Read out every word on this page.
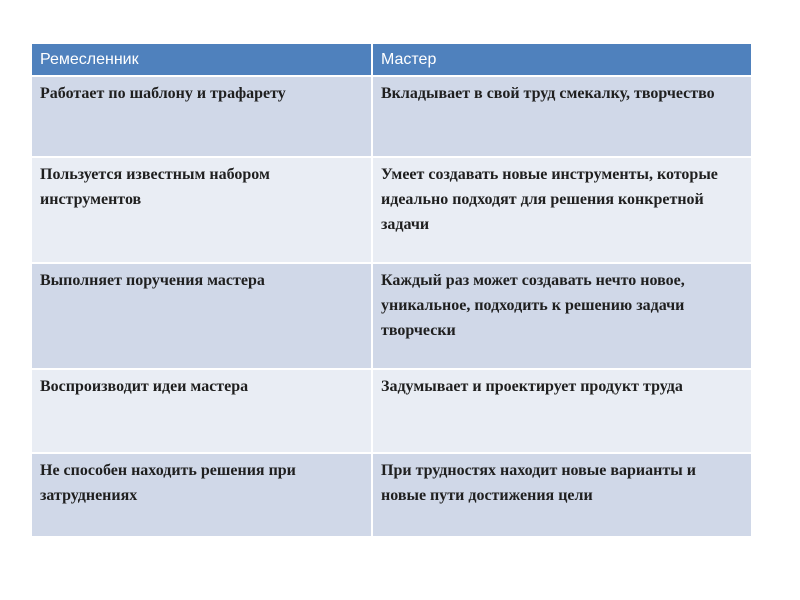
Ремесленник	Мастер
Работает по шаблону и трафарету	Вкладывает в свой труд смекалку, творчество
Пользуется известным набором инструментов	Умеет создавать новые инструменты, которые идеально подходят для решения конкретной задачи
Выполняет поручения мастера	Каждый раз может создавать нечто новое, уникальное, подходить к решению задачи творчески
Воспроизводит идеи мастера	Задумывает и проектирует продукт труда
Не способен находить решения при затруднениях	При трудностях находит новые варианты и новые пути достижения цели
